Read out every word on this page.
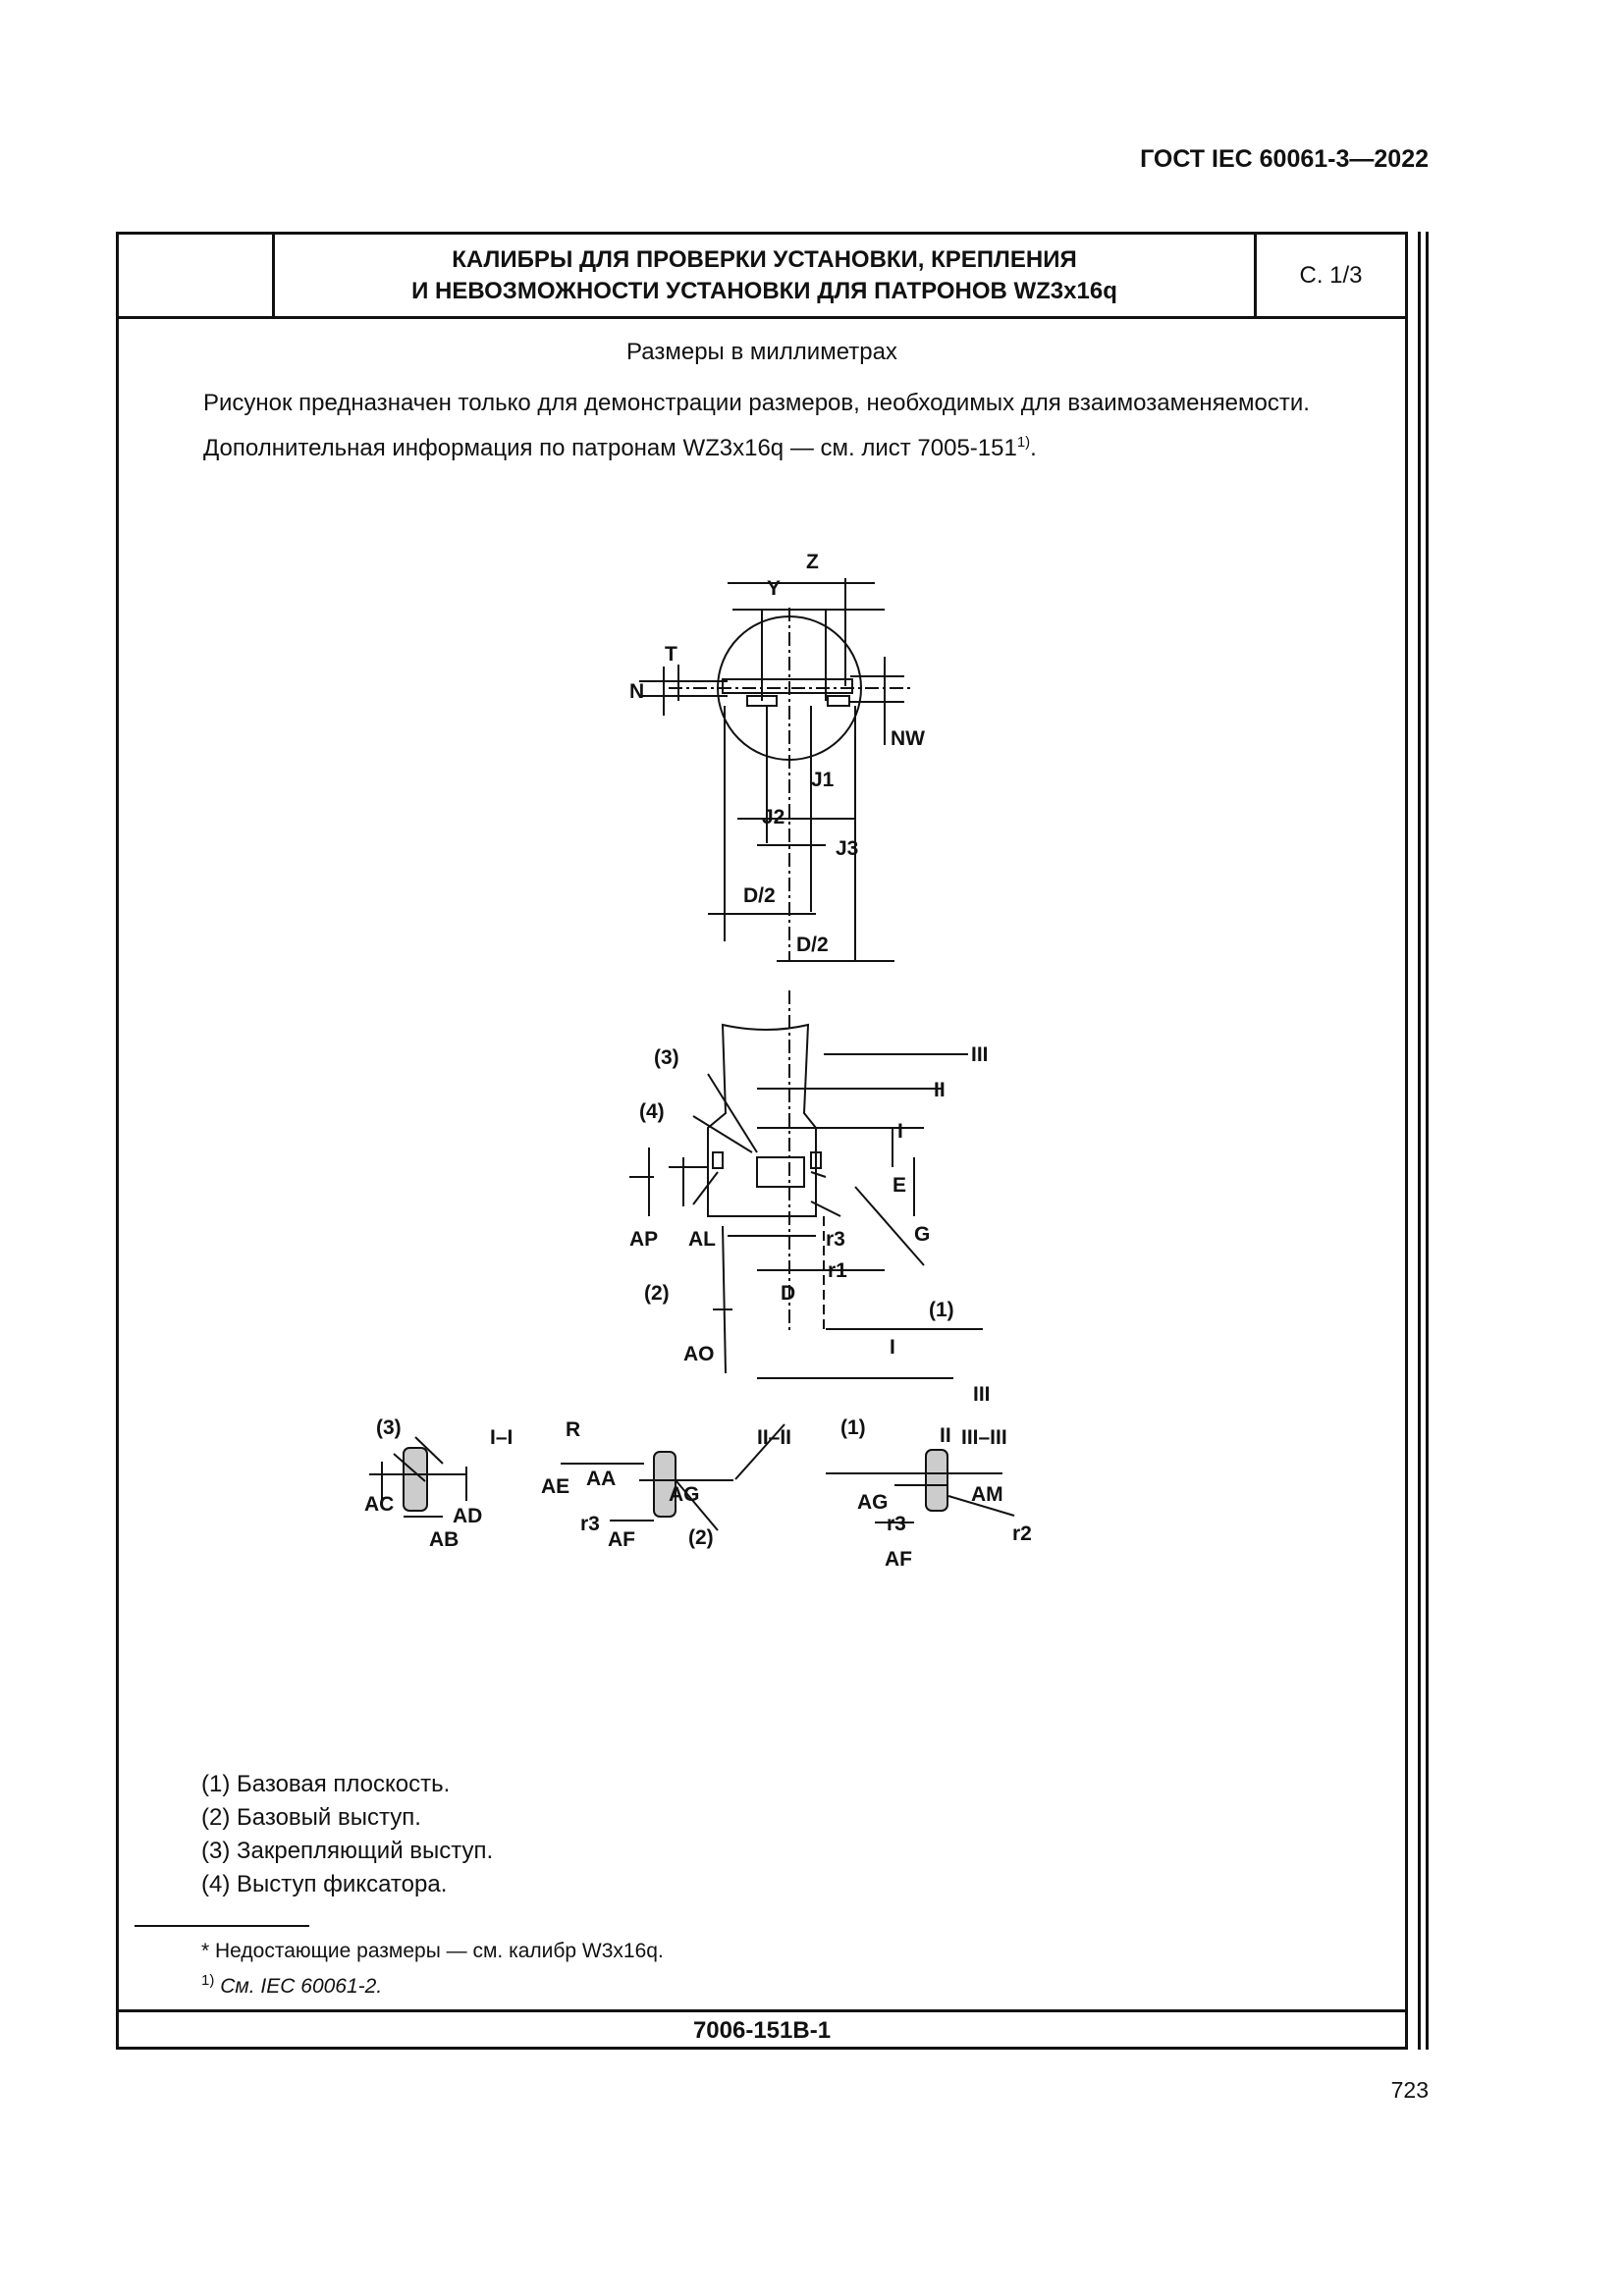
ГОСТ IEC 60061-3—2022
КАЛИБРЫ ДЛЯ ПРОВЕРКИ УСТАНОВКИ, КРЕПЛЕНИЯ
И НЕВОЗМОЖНОСТИ УСТАНОВКИ ДЛЯ ПАТРОНОВ WZ3x16q
С. 1/3
Размеры в миллиметрах
Рисунок предназначен только для демонстрации размеров, необходимых для взаимозаменяемости.
Дополнительная информация по патронам WZ3x16q — см. лист 7005-151$^{1)}$.
Z
Y
T
N
NW
J1
J2
J3
D/2
D/2
(3)
(4)
III
II
I
E
G
AP AL	r3
r1
(2)	D
(1)
AO	I
III
II
(3)	I–I	R
AA
AC
AD
AB
II–II (1)
AE	AG
r3
AF	(2)
III–III
AG	AM
r3
AF
r2
(1) Базовая плоскость.
(2) Базовый выступ.
(3) Закрепляющий выступ.
(4) Выступ фиксатора.
* Недостающие размеры — см. калибр W3x16q.
$^{1)}$ См. IEC 60061-2.
7006-151B-1
723
